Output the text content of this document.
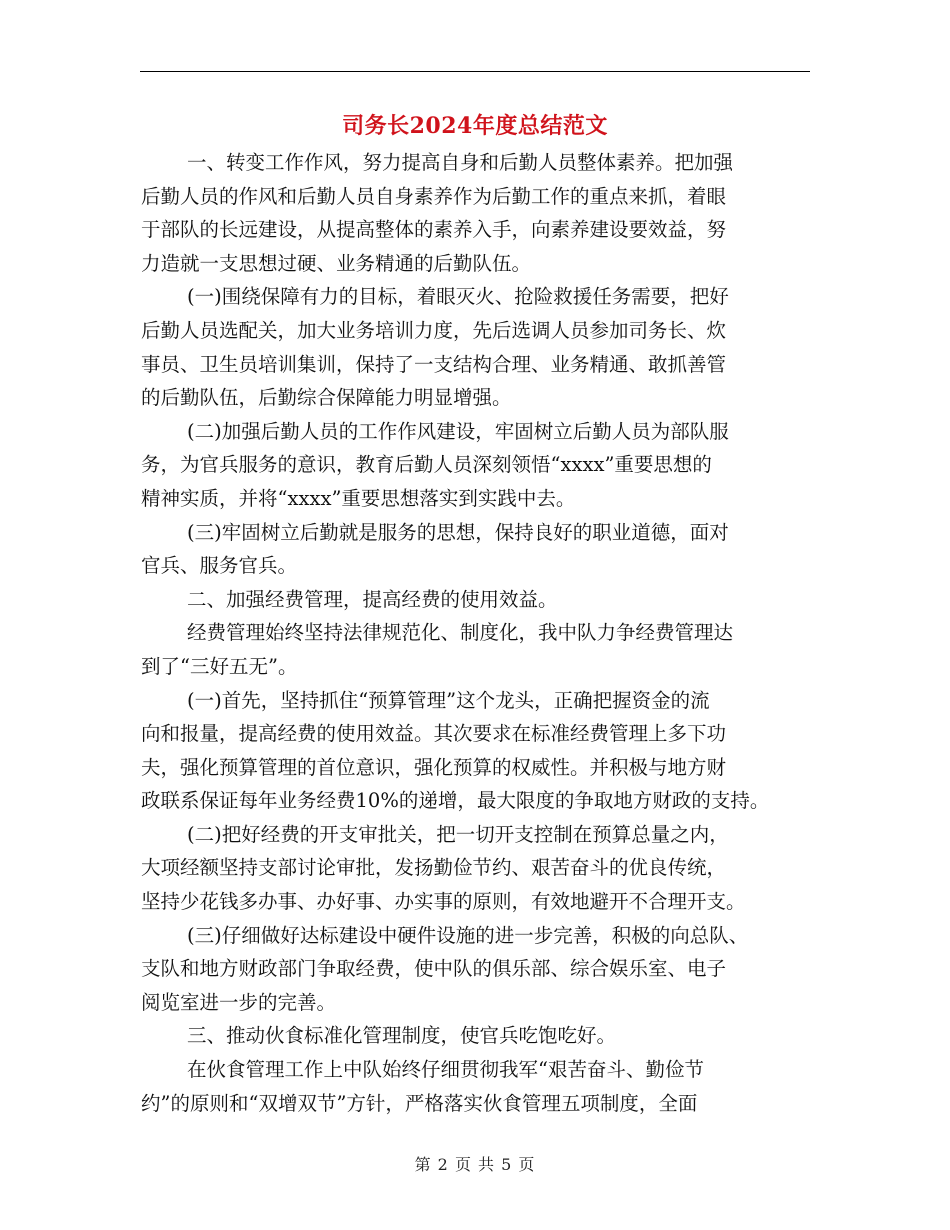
司务长2024年度总结范文
一、转变工作作风，努力提高自身和后勤人员整体素养。把加强
后勤人员的作风和后勤人员自身素养作为后勤工作的重点来抓，着眼
于部队的长远建设，从提高整体的素养入手，向素养建设要效益，努
力造就一支思想过硬、业务精通的后勤队伍。
(一)围绕保障有力的目标，着眼灭火、抢险救援任务需要，把好
后勤人员选配关，加大业务培训力度，先后选调人员参加司务长、炊
事员、卫生员培训集训，保持了一支结构合理、业务精通、敢抓善管
的后勤队伍，后勤综合保障能力明显增强。
(二)加强后勤人员的工作作风建设，牢固树立后勤人员为部队服
务，为官兵服务的意识，教育后勤人员深刻领悟“xxxx”重要思想的
精神实质，并将“xxxx”重要思想落实到实践中去。
(三)牢固树立后勤就是服务的思想，保持良好的职业道德，面对
官兵、服务官兵。
二、加强经费管理，提高经费的使用效益。
经费管理始终坚持法律规范化、制度化，我中队力争经费管理达
到了“三好五无”。
(一)首先，坚持抓住“预算管理”这个龙头，正确把握资金的流
向和报量，提高经费的使用效益。其次要求在标准经费管理上多下功
夫，强化预算管理的首位意识，强化预算的权威性。并积极与地方财
政联系保证每年业务经费10%的递增，最大限度的争取地方财政的支持。
(二)把好经费的开支审批关，把一切开支控制在预算总量之内，
大项经额坚持支部讨论审批，发扬勤俭节约、艰苦奋斗的优良传统，
坚持少花钱多办事、办好事、办实事的原则，有效地避开不合理开支。
(三)仔细做好达标建设中硬件设施的进一步完善，积极的向总队、
支队和地方财政部门争取经费，使中队的俱乐部、综合娱乐室、电子
阅览室进一步的完善。
三、推动伙食标准化管理制度，使官兵吃饱吃好。
在伙食管理工作上中队始终仔细贯彻我军“艰苦奋斗、勤俭节
约”的原则和“双增双节”方针，严格落实伙食管理五项制度，全面
第 2 页 共 5 页
